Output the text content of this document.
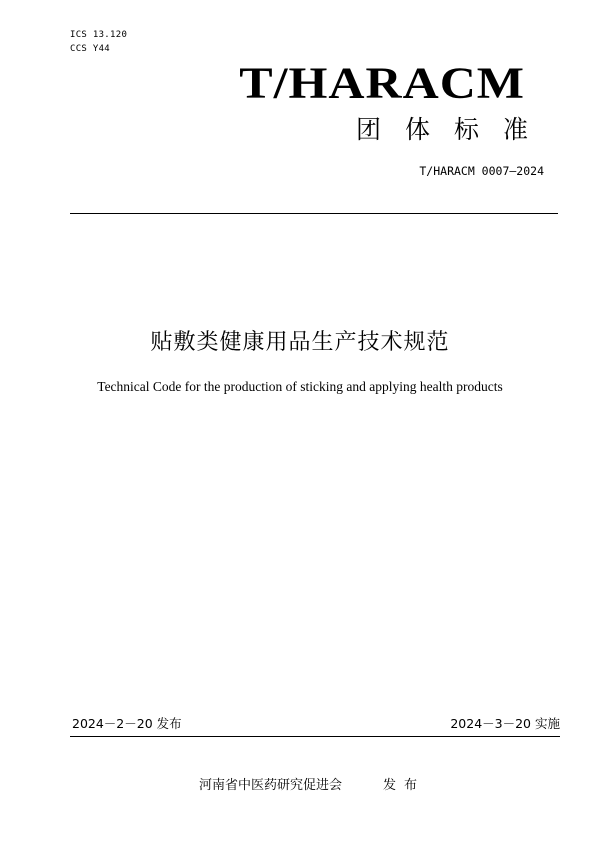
ICS 13.120
CCS Y44
T/HARACM
团体标准
T/HARACM 0007—2024
贴敷类健康用品生产技术规范
Technical Code for the production of sticking and applying health products
2024－2－20 发布	2024－3－20 实施
河南省中医药研究促进会	发布
